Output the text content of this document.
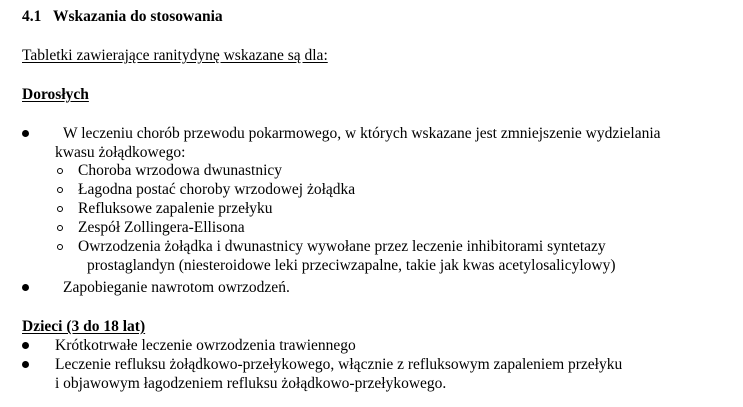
4.1 Wskazania do stosowania
Tabletki zawierające ranitydynę wskazane są dla:
Dorosłych
W leczeniu chorób przewodu pokarmowego, w których wskazane jest zmniejszenie wydzielania
kwasu żołądkowego:
Choroba wrzodowa dwunastnicy
Łagodna postać choroby wrzodowej żołądka
Refluksowe zapalenie przełyku
Zespół Zollingera-Ellisona
Owrzodzenia żołądka i dwunastnicy wywołane przez leczenie inhibitorami syntetazy
prostaglandyn (niesteroidowe leki przeciwzapalne, takie jak kwas acetylosalicylowy)
Zapobieganie nawrotom owrzodzeń.
Dzieci (3 do 18 lat)
Krótkotrwałe leczenie owrzodzenia trawiennego
Leczenie refluksu żołądkowo-przełykowego, włącznie z refluksowym zapaleniem przełyku
i objawowym łagodzeniem refluksu żołądkowo-przełykowego.
